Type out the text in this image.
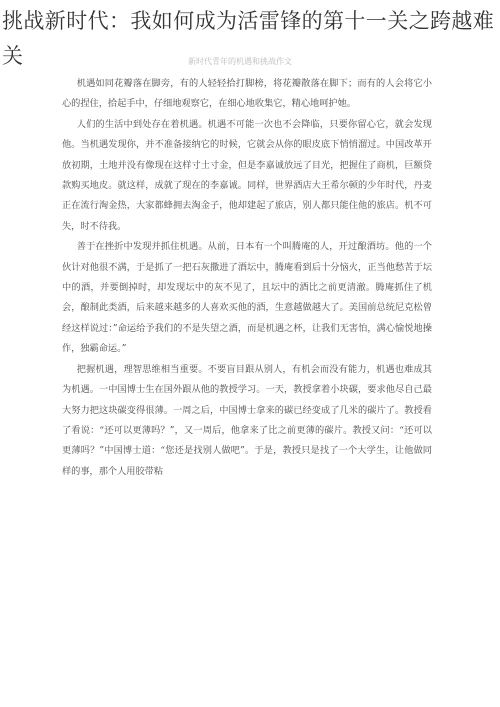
挑战新时代：我如何成为活雷锋的第十一关之跨越难关	新时代青年的机遇和挑战作文

机遇如同花瓣落在脚旁，有的人轻轻拾打脚榜，将花瓣散落在脚下；而有的人会将它小心的捏住，拾起手中，仔细地观察它，在细心地收集它，精心地呵护她。

人们的生活中到处存在着机遇。机遇不可能一次也不会降临，只要你留心它，就会发现他。当机遇发现你，并不准备接纳它的时候，它就会从你的眼皮底下悄悄溜过。中国改革开放初期，土地并没有像现在这样寸土寸金，但是李嘉诚放远了目光，把握住了商机，巨额贷款购买地皮。就这样，成就了现在的李嘉诚。同样，世界酒店大王希尔顿的少年时代，丹麦正在流行淘金热，大家都蜂拥去淘金子，他却建起了旅店，别人都只能住他的旅店。机不可失，时不待我。

善于在挫折中发现并抓住机遇。从前，日本有一个叫腾庵的人，开过酿酒坊。他的一个伙计对他很不满，于是抓了一把石灰撒进了酒坛中，腾庵看到后十分恼火，正当他愁苦于坛中的酒，并要倒掉时，却发现坛中的灰不见了，且坛中的酒比之前更清澈。腾庵抓住了机会，酿制此类酒，后来越来越多的人喜欢买他的酒，生意越做越大了。美国前总统尼克松曾经这样说过：”命运给予我们的不是失望之酒，而是机遇之杯，让我们无害怕，满心愉悦地操作，独霸命运。”

把握机遇，理智思维相当重要。不要盲目跟从别人，有机会而没有能力，机遇也难成其为机遇。一中国博士生在国外跟从他的教授学习。一天，教授拿着小块碳，要求他尽自己最大努力把这块碳变得很薄。一周之后，中国博士拿来的碳已经变成了几米的碳片了。教授看了看说：“还可以更薄吗？”，又一周后，他拿来了比之前更薄的碳片。教授又问：“还可以更薄吗？”中国博士道：“您还是找别人做吧”。于是，教授只是找了一个大学生，让他做同样的事，那个人用胶带粘
